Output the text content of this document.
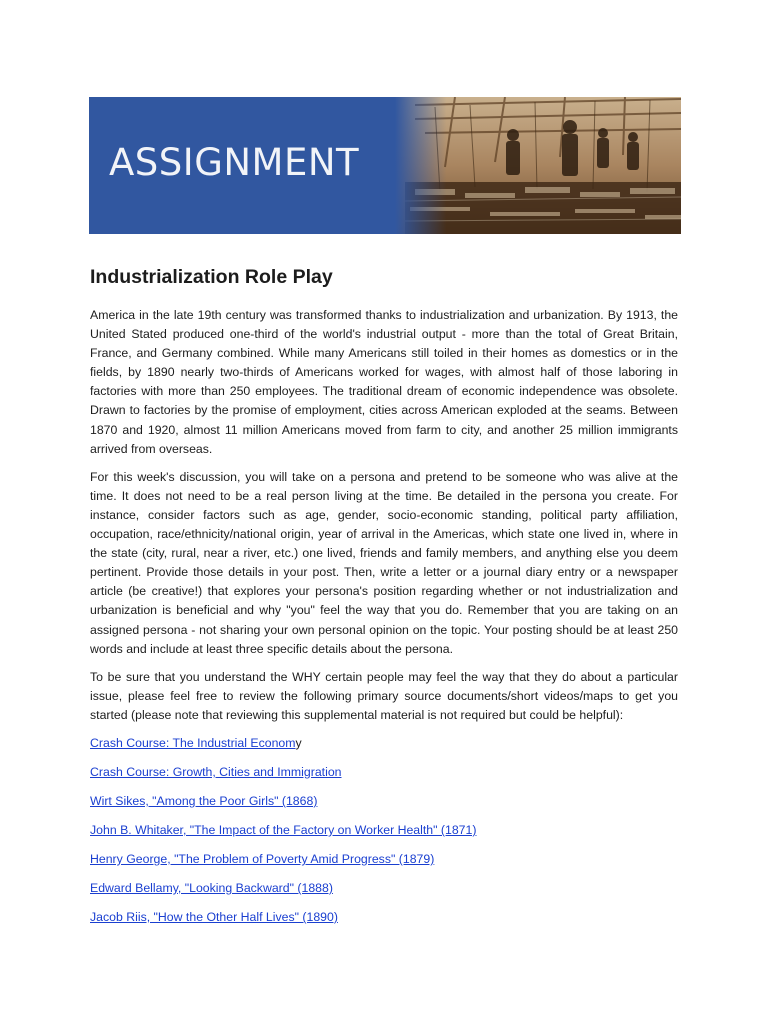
ASSIGNMENT
Industrialization Role Play

America in the late 19th century was transformed thanks to industrialization and urbanization. By 1913, the United Stated produced one-third of the world's industrial output - more than the total of Great Britain, France, and Germany combined. While many Americans still toiled in their homes as domestics or in the fields, by 1890 nearly two-thirds of Americans worked for wages, with almost half of those laboring in factories with more than 250 employees. The traditional dream of economic independence was obsolete. Drawn to factories by the promise of employment, cities across American exploded at the seams. Between 1870 and 1920, almost 11 million Americans moved from farm to city, and another 25 million immigrants arrived from overseas.

For this week's discussion, you will take on a persona and pretend to be someone who was alive at the time. It does not need to be a real person living at the time. Be detailed in the persona you create. For instance, consider factors such as age, gender, socio-economic standing, political party affiliation, occupation, race/ethnicity/national origin, year of arrival in the Americas, which state one lived in, where in the state (city, rural, near a river, etc.) one lived, friends and family members, and anything else you deem pertinent. Provide those details in your post. Then, write a letter or a journal diary entry or a newspaper article (be creative!) that explores your persona's position regarding whether or not industrialization and urbanization is beneficial and why "you" feel the way that you do. Remember that you are taking on an assigned persona - not sharing your own personal opinion on the topic. Your posting should be at least 250 words and include at least three specific details about the persona.

To be sure that you understand the WHY certain people may feel the way that they do about a particular issue, please feel free to review the following primary source documents/short videos/maps to get you started (please note that reviewing this supplemental material is not required but could be helpful):

Crash Course: The Industrial Economy
Crash Course: Growth, Cities and Immigration
Wirt Sikes, "Among the Poor Girls" (1868)
John B. Whitaker, "The Impact of the Factory on Worker Health" (1871)
Henry George, "The Problem of Poverty Amid Progress" (1879)
Edward Bellamy, "Looking Backward" (1888)
Jacob Riis, "How the Other Half Lives" (1890)
